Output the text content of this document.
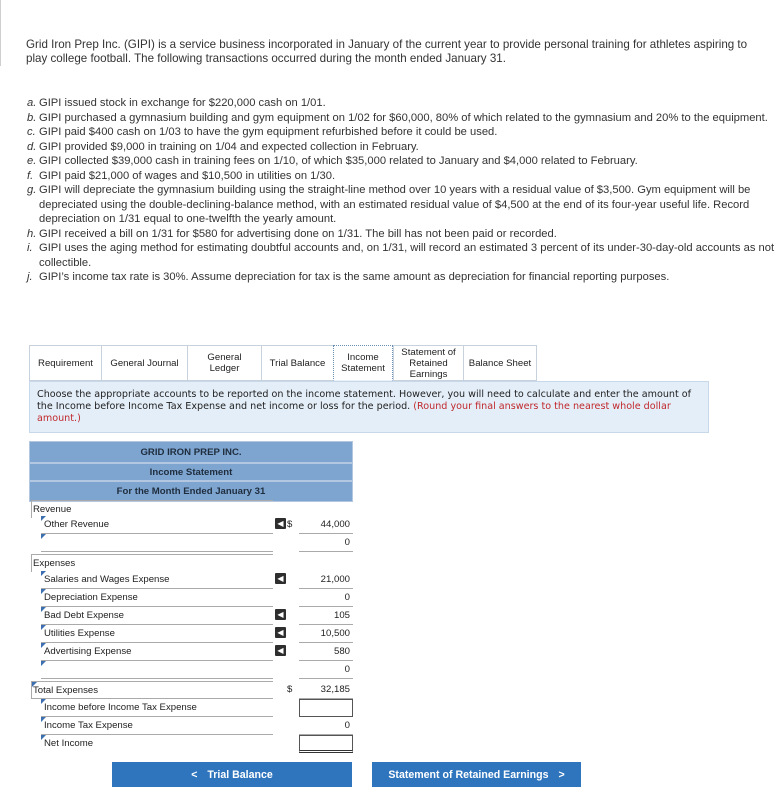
Grid Iron Prep Inc. (GIPI) is a service business incorporated in January of the current year to provide personal training for athletes aspiring to play college football. The following transactions occurred during the month ended January 31.
a. GIPI issued stock in exchange for $220,000 cash on 1/01.
b. GIPI purchased a gymnasium building and gym equipment on 1/02 for $60,000, 80% of which related to the gymnasium and 20% to the equipment.
c. GIPI paid $400 cash on 1/03 to have the gym equipment refurbished before it could be used.
d. GIPI provided $9,000 in training on 1/04 and expected collection in February.
e. GIPI collected $39,000 cash in training fees on 1/10, of which $35,000 related to January and $4,000 related to February.
f. GIPI paid $21,000 of wages and $10,500 in utilities on 1/30.
g. GIPI will depreciate the gymnasium building using the straight-line method over 10 years with a residual value of $3,500. Gym equipment will be depreciated using the double-declining-balance method, with an estimated residual value of $4,500 at the end of its four-year useful life. Record depreciation on 1/31 equal to one-twelfth the yearly amount.
h. GIPI received a bill on 1/31 for $580 for advertising done on 1/31. The bill has not been paid or recorded.
i. GIPI uses the aging method for estimating doubtful accounts and, on 1/31, will record an estimated 3 percent of its under-30-day-old accounts as not collectible.
j. GIPI’s income tax rate is 30%. Assume depreciation for tax is the same amount as depreciation for financial reporting purposes.
Requirement	General Journal	General Ledger	Trial Balance	Income Statement
Statement of Retained Earnings
Balance Sheet
Choose the appropriate accounts to be reported on the income statement. However, you will need to calculate and enter the amount of the Income before Income Tax Expense and net income or loss for the period. (Round your final answers to the nearest whole dollar amount.)
GRID IRON PREP INC.
Income Statement
For the Month Ended January 31
Revenue
Other Revenue	◀ $	44,000
0
Expenses
Salaries and Wages Expense	◀	21,000
Depreciation Expense	0
Bad Debt Expense	◀	105
Utilities Expense	◀	10,500
Advertising Expense	◀	580
0
Total Expenses	$	32,185
Income before Income Tax Expense
Income Tax Expense	0
Net Income
< Trial Balance	Statement of Retained Earnings >
